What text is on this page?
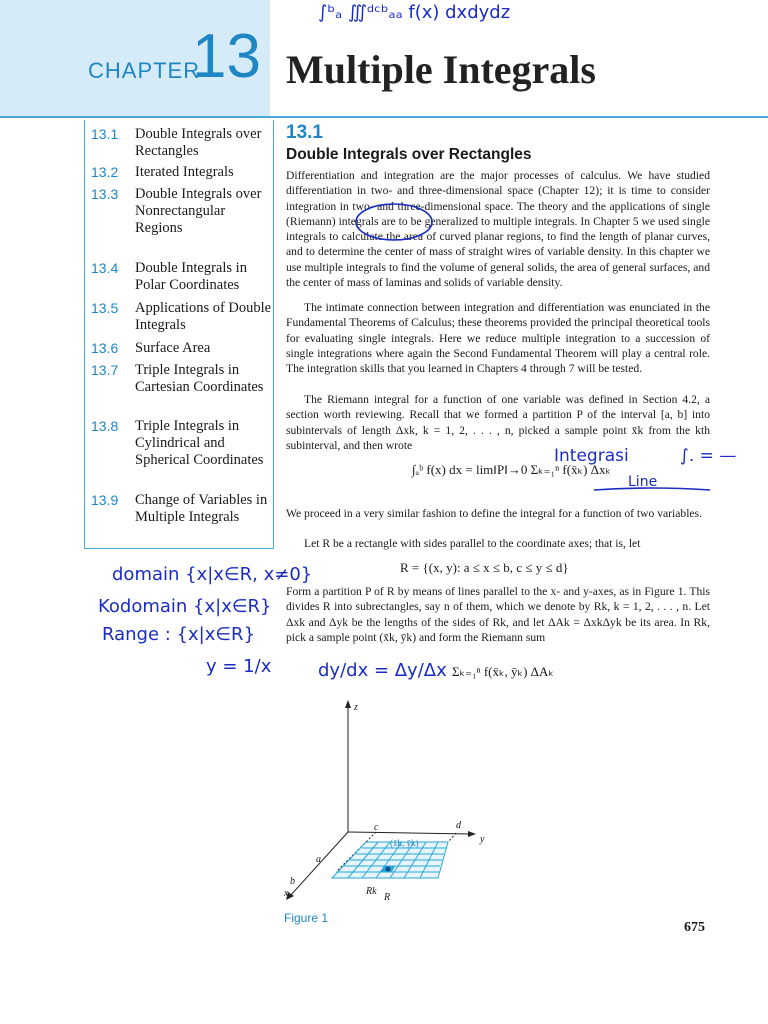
CHAPTER
13 Multiple Integrals
13.1 Double Integrals over Rectangles
13.2 Iterated Integrals
13.3 Double Integrals over Nonrectangular Regions
13.4 Double Integrals in Polar Coordinates
13.5 Applications of Double Integrals
13.6 Surface Area
13.7 Triple Integrals in Cartesian Coordinates
13.8 Triple Integrals in Cylindrical and Spherical Coordinates
13.9 Change of Variables in Multiple Integrals
13.1
Double Integrals over Rectangles
Differentiation and integration are the major processes of calculus. We have studied differentiation in two- and three-dimensional space (Chapter 12); it is time to consider integration in two- and three-dimensional space. The theory and the applications of single (Riemann) integrals are to be generalized to multiple integrals. In Chapter 5 we used single integrals to calculate the area of curved planar regions, to find the length of planar curves, and to determine the center of mass of straight wires of variable density. In this chapter we use multiple integrals to find the volume of general solids, the area of general surfaces, and the center of mass of laminas and solids of variable density.
The intimate connection between integration and differentiation was enunciated in the Fundamental Theorems of Calculus; these theorems provided the principal theoretical tools for evaluating single integrals. Here we reduce multiple integration to a succession of single integrations where again the Second Fundamental Theorem will play a central role. The integration skills that you learned in Chapters 4 through 7 will be tested.
The Riemann integral for a function of one variable was defined in Section 4.2, a section worth reviewing. Recall that we formed a partition P of the interval [a, b] into subintervals of length Δxk, k = 1, 2, . . . , n, picked a sample point x̄k from the kth subinterval, and then wrote
∫ₐᵇ f(x) dx = lim‖P‖→0 Σₖ₌₁ⁿ f(x̄ₖ) Δxₖ
We proceed in a very similar fashion to define the integral for a function of two variables.
Let R be a rectangle with sides parallel to the coordinate axes; that is, let
R = {(x, y): a ≤ x ≤ b, c ≤ y ≤ d}
Form a partition P of R by means of lines parallel to the x- and y-axes, as in Figure 1. This divides R into subrectangles, say n of them, which we denote by Rk, k = 1, 2, . . . , n. Let Δxk and Δyk be the lengths of the sides of Rk, and let ΔAk = ΔxkΔyk be its area. In Rk, pick a sample point (x̄k, ȳk) and form the Riemann sum
Σₖ₌₁ⁿ f(x̄ₖ, ȳₖ) ΔAₖ
z
y
x
a
b
c	d
(x̄k, ȳk)
Rk
R
Figure 1
675
∫ᵇₐ ∭ᵈᶜᵇₐₐ f(x) dxdydz
Integrasi	∫. = —
Line
domain {x|x∈R, x≠0}
Kodomain {x|x∈R}
Range : {x|x∈R}
y = 1/x	dy/dx = Δy/Δx
